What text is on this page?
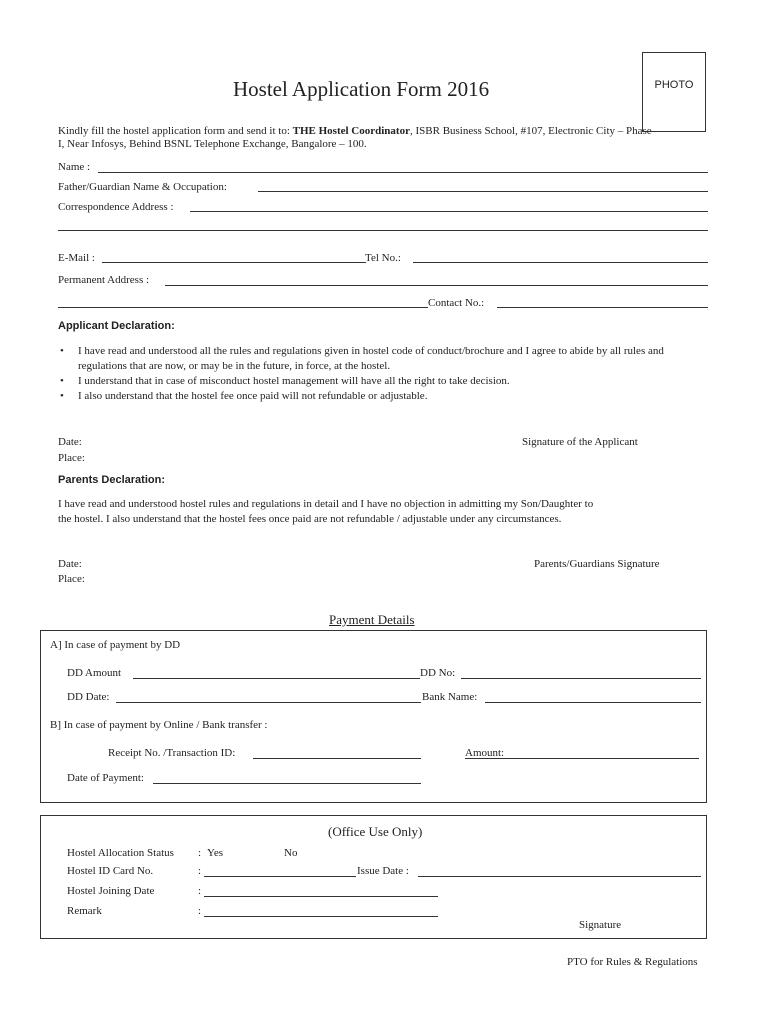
Hostel Application Form 2016	PHOTO
Kindly fill the hostel application form and send it to: THE Hostel Coordinator, ISBR Business School, #107, Electronic City – Phase
I, Near Infosys, Behind BSNL Telephone Exchange, Bangalore – 100.
Name :
Father/Guardian Name & Occupation:
Correspondence Address :
E-Mail :	Tel No.:
Permanent Address :
Contact No.:
Applicant Declaration:
• I have read and understood all the rules and regulations given in hostel code of conduct/brochure and I agree to abide by all rules and regulations that are now, or may be in the future, in force, at the hostel.
• I understand that in case of misconduct hostel management will have all the right to take decision.
• I also understand that the hostel fee once paid will not refundable or adjustable.
Date:
Place:
Signature of the Applicant
Parents Declaration:
I have read and understood hostel rules and regulations in detail and I have no objection in admitting my Son/Daughter to
the hostel. I also understand that the hostel fees once paid are not refundable / adjustable under any circumstances.
Date:
Place:
Parents/Guardians Signature
Payment Details
A] In case of payment by DD
DD Amount	DD No:
DD Date:	Bank Name:
B] In case of payment by Online / Bank transfer :
Receipt No. /Transaction ID:	Amount:
Date of Payment:
(Office Use Only)
Hostel Allocation Status : Yes	No
Hostel ID Card No.	:	Issue Date :
Hostel Joining Date	:
Remark	:
Signature
PTO for Rules & Regulations
